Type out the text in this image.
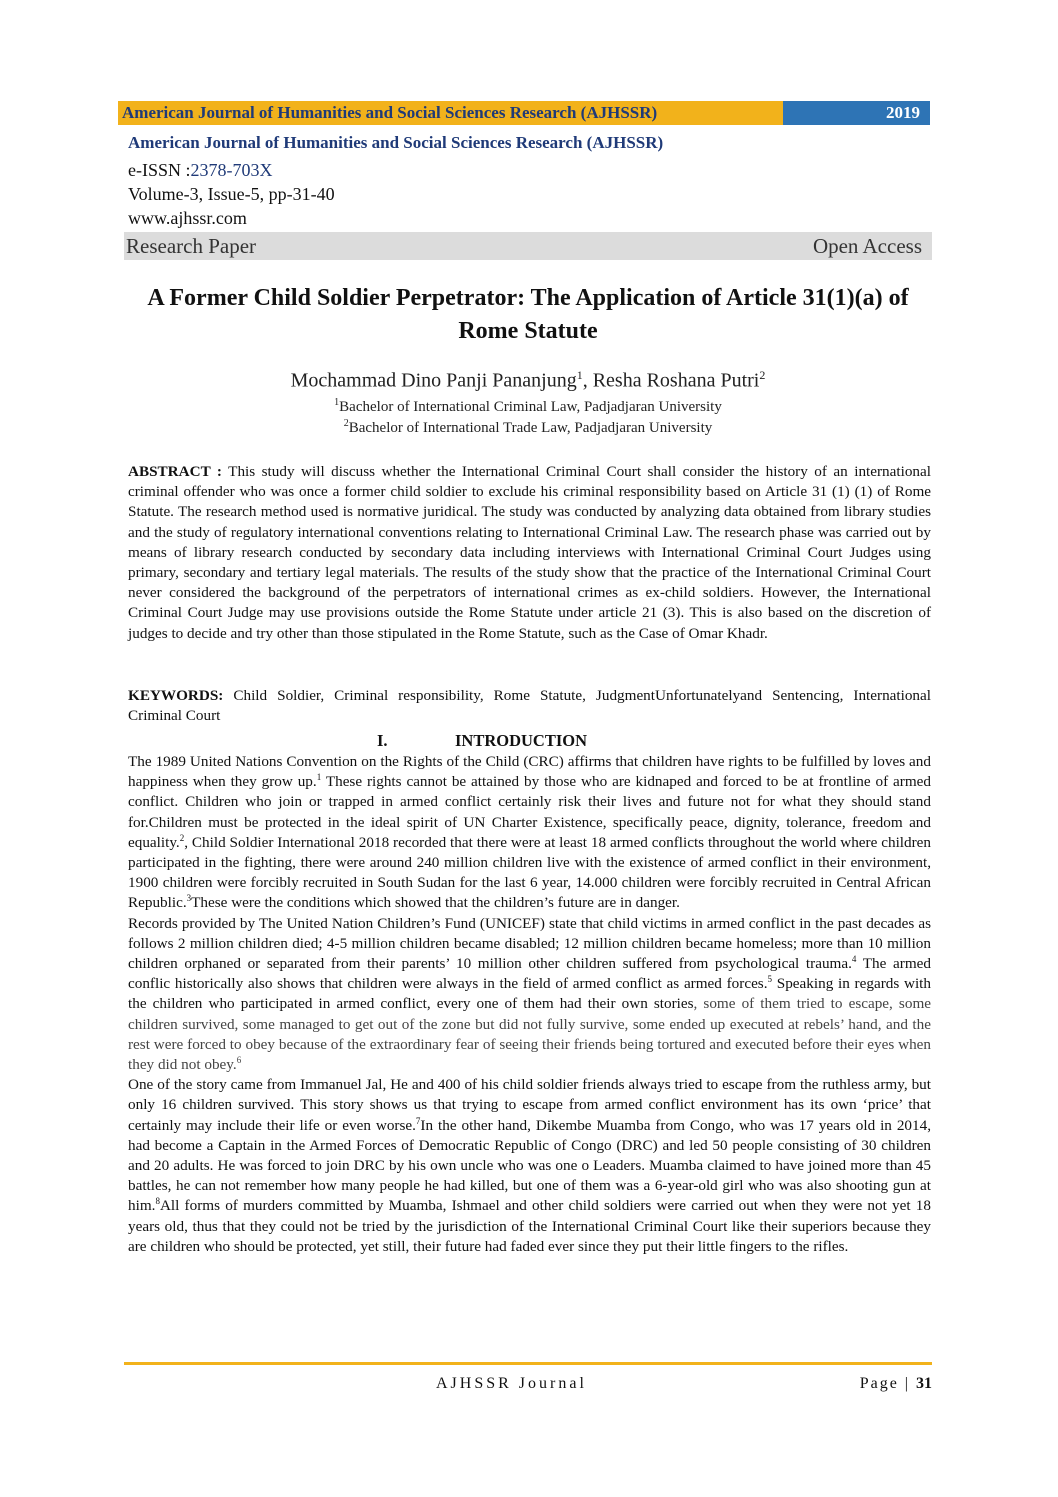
American Journal of Humanities and Social Sciences Research (AJHSSR)	2019
American Journal of Humanities and Social Sciences Research (AJHSSR)
e-ISSN :2378-703X
Volume-3, Issue-5, pp-31-40
www.ajhssr.com
Research Paper	Open Access
A Former Child Soldier Perpetrator: The Application of Article 31(1)(a) of Rome Statute
Mochammad Dino Panji Pananjung$^1$, Resha Roshana Putri$^2$
$^1$Bachelor of International Criminal Law, Padjadjaran University
$^2$Bachelor of International Trade Law, Padjadjaran University
ABSTRACT : This study will discuss whether the International Criminal Court shall consider the history of an international criminal offender who was once a former child soldier to exclude his criminal responsibility based on Article 31 (1) (1) of Rome Statute. The research method used is normative juridical. The study was conducted by analyzing data obtained from library studies and the study of regulatory international conventions relating to International Criminal Law. The research phase was carried out by means of library research conducted by secondary data including interviews with International Criminal Court Judges using primary, secondary and tertiary legal materials. The results of the study show that the practice of the International Criminal Court never considered the background of the perpetrators of international crimes as ex-child soldiers. However, the International Criminal Court Judge may use provisions outside the Rome Statute under article 21 (3). This is also based on the discretion of judges to decide and try other than those stipulated in the Rome Statute, such as the Case of Omar Khadr.
KEYWORDS: Child Soldier, Criminal responsibility, Rome Statute, JudgmentUnfortunatelyand Sentencing, International Criminal Court
I.	INTRODUCTION

The 1989 United Nations Convention on the Rights of the Child (CRC) affirms that children have rights to be fulfilled by loves and happiness when they grow up.$^1$ These rights cannot be attained by those who are kidnaped and forced to be at frontline of armed conflict. Children who join or trapped in armed conflict certainly risk their lives and future not for what they should stand for.Children must be protected in the ideal spirit of UN Charter Existence, specifically peace, dignity, tolerance, freedom and equality.$^2$, Child Soldier International 2018 recorded that there were at least 18 armed conflicts throughout the world where children participated in the fighting, there were around 240 million children live with the existence of armed conflict in their environment, 1900 children were forcibly recruited in South Sudan for the last 6 year, 14.000 children were forcibly recruited in Central African Republic.$^3$These were the conditions which showed that the children’s future are in danger.

Records provided by The United Nation Children’s Fund (UNICEF) state that child victims in armed conflict in the past decades as follows 2 million children died; 4-5 million children became disabled; 12 million children became homeless; more than 10 million children orphaned or separated from their parents’ 10 million other children suffered from psychological trauma.$^4$ The armed conflic historically also shows that children were always in the field of armed conflict as armed forces.$^5$ Speaking in regards with the children who participated in armed conflict, every one of them had their own stories, some of them tried to escape, some children survived, some managed to get out of the zone but did not fully survive, some ended up executed at rebels’ hand, and the rest were forced to obey because of the extraordinary fear of seeing their friends being tortured and executed before their eyes when they did not obey.$^6$

One of the story came from Immanuel Jal, He and 400 of his child soldier friends always tried to escape from the ruthless army, but only 16 children survived. This story shows us that trying to escape from armed conflict environment has its own ‘price’ that certainly may include their life or even worse.$^7$In the other hand, Dikembe Muamba from Congo, who was 17 years old in 2014, had become a Captain in the Armed Forces of Democratic Republic of Congo (DRC) and led 50 people consisting of 30 children and 20 adults. He was forced to join DRC by his own uncle who was one o Leaders. Muamba claimed to have joined more than 45 battles, he can not remember how many people he had killed, but one of them was a 6-year-old girl who was also shooting gun at him.$^8$All forms of murders committed by Muamba, Ishmael and other child soldiers were carried out when they were not yet 18 years old, thus that they could not be tried by the jurisdiction of the International Criminal Court like their superiors because they are children who should be protected, yet still, their future had faded ever since they put their little fingers to the rifles.

AJHSSR Journal	Page | 31
